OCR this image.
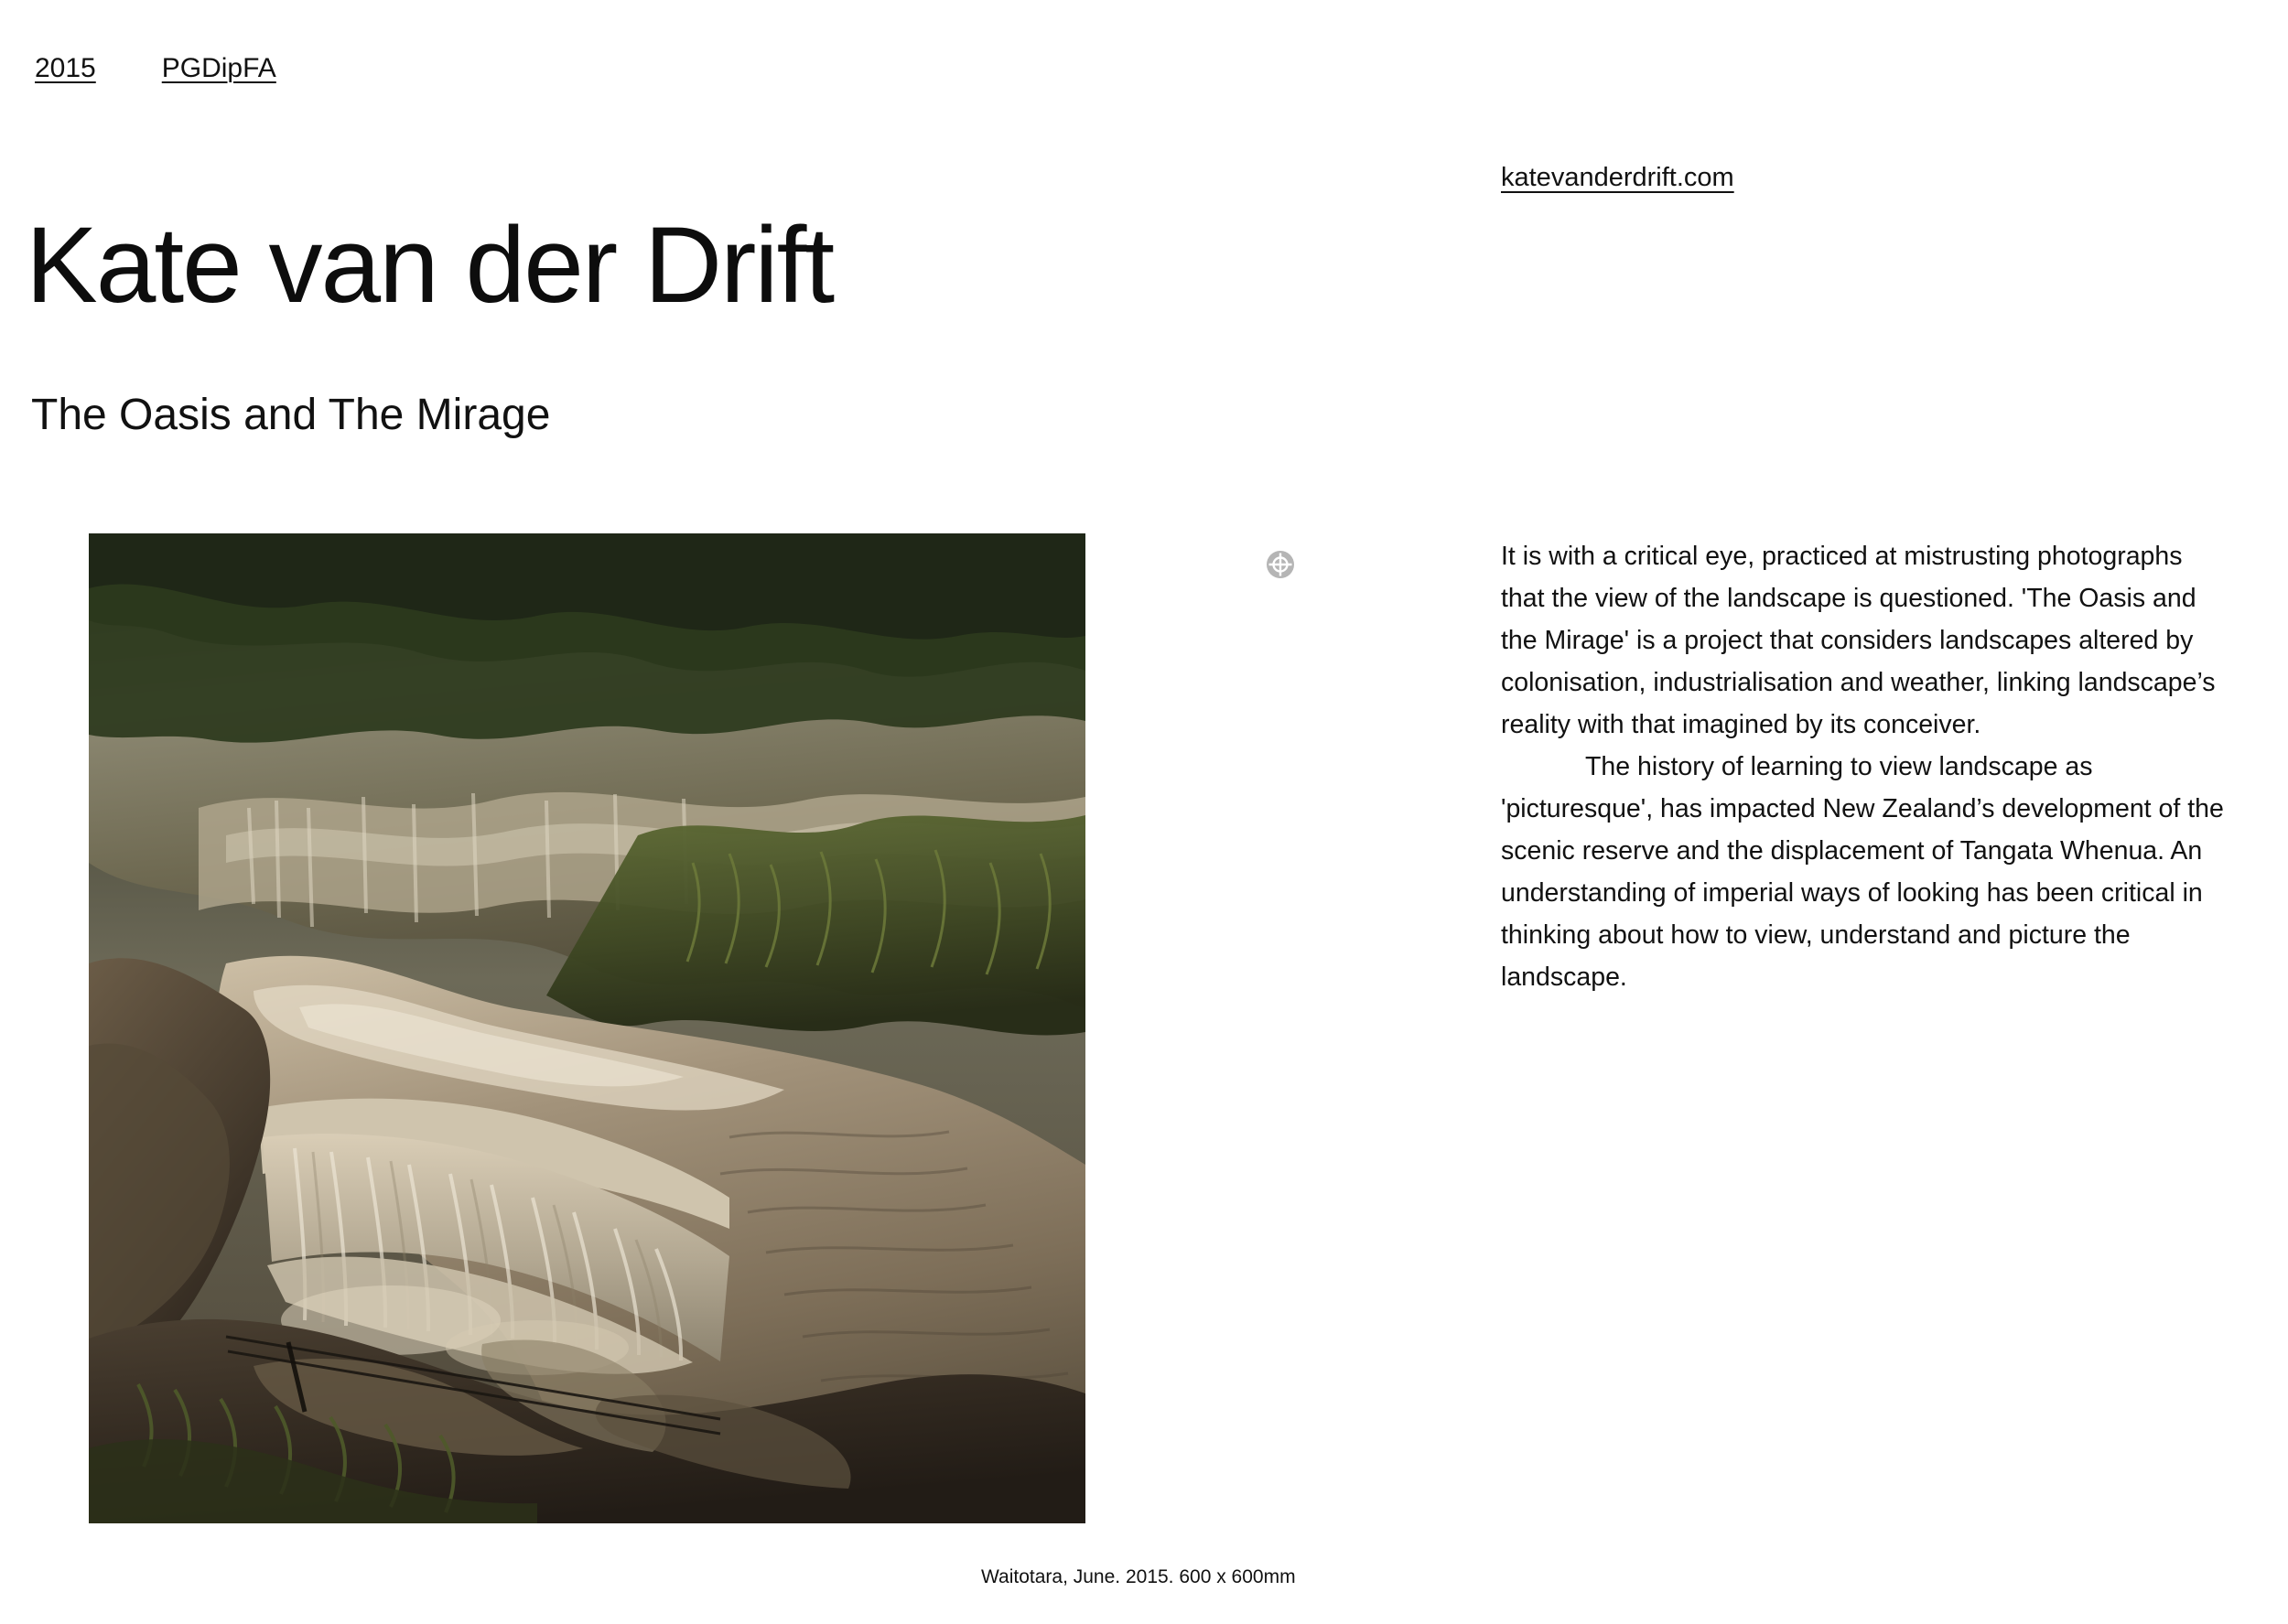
2015 PGDipFA
Kate van der Drift
The Oasis and The Mirage
katevanderdrift.com
Waitotara, June. 2015. 600 x 600mm

It is with a critical eye, practiced at mistrusting photographs that the view of the landscape is questioned. 'The Oasis and the Mirage' is a project that considers landscapes altered by colonisation, industrialisation and weather, linking landscape’s reality with that imagined by its conceiver.

The history of learning to view landscape as 'picturesque', has impacted New Zealand’s development of the scenic reserve and the displacement of Tangata Whenua. An understanding of imperial ways of looking has been critical in thinking about how to view, understand and picture the landscape.
